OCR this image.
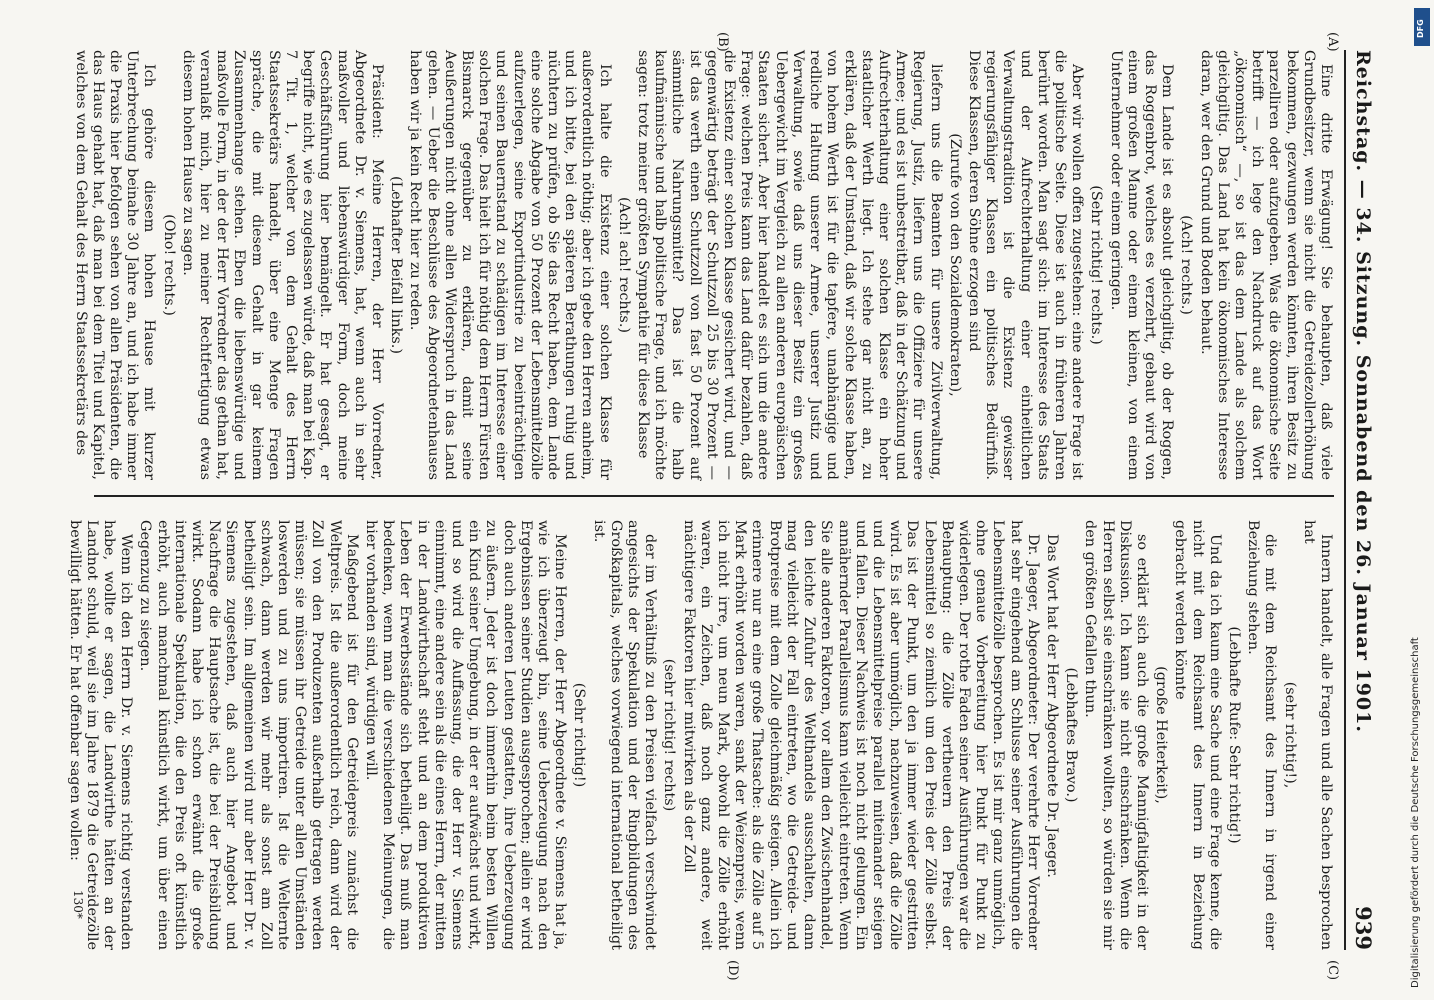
Reichstag. — 34. Sitzung. Sonnabend den 26. Januar 1901.
939
(A)
(B)
(C)
(D)

Eine dritte Erwägung! Sie behaupten, daß viele Grundbesitzer, wenn sie nicht die Getreidezollerhöhung bekommen, gezwungen werden könnten, ihren Besitz zu parzelliren oder aufzugeben. Was die ökonomische Seite betrifft — ich lege den Nachdruck auf das Wort „ökonomisch“ —, so ist das dem Lande als solchem gleichgiltig. Das Land hat kein ökonomisches Interesse daran, wer den Grund und Boden behaut.

(Ach! rechts.)

Dem Lande ist es absolut gleichgiltig, ob der Roggen, das Roggenbrot, welches es verzehrt, gebaut wird von einem großen Manne oder einem kleinen, von einem Unternehmer oder einem geringen.

(Sehr richtig! rechts.)

Aber wir wollen offen zugestehen: eine andere Frage ist die politische Seite. Diese ist auch in früheren Jahren berührt worden. Man sagt sich: im Interesse des Staats und der Aufrechterhaltung einer einheitlichen Verwaltungstradition ist die Existenz gewisser regierungsfähiger Klassen ein politisches Bedürfniß. Diese Klassen, deren Söhne erzogen sind

(Zurufe von den Sozialdemokraten),

liefern uns die Beamten für unsere Zivilverwaltung, Regierung, Justiz, liefern uns die Offiziere für unsere Armee; und es ist unbestreitbar, daß in der Schätzung und Aufrechterhaltung einer solchen Klasse ein hoher staatlicher Werth liegt. Ich stehe gar nicht an, zu erklären, daß der Umstand, daß wir solche Klasse haben, von hohem Werth ist für die tapfere, unabhängige und redliche Haltung unserer Armee, unserer Justiz und Verwaltung, sowie daß uns dieser Besitz ein großes Uebergewicht im Vergleich zu allen anderen europäischen Staaten sichert. Aber hier handelt es sich um die andere Frage: welchen Preis kann das Land dafür bezahlen, daß die Existenz einer solchen Klasse gesichert wird, und — gegenwärtig beträgt der Schutzzoll 25 bis 30 Prozent — ist das werth einen Schutzzoll von fast 50 Prozent auf sämmtliche Nahrungsmittel? Das ist die halb kaufmännische und halb politische Frage, und ich möchte sagen: trotz meiner größten Sympathie für diese Klasse

(Ach! ach! rechts.)

Ich halte die Existenz einer solchen Klasse für außerordentlich nöthig; aber ich gebe den Herren anheim, und ich bitte, bei den späteren Berathungen ruhig und nüchtern zu prüfen, ob Sie das Recht haben, dem Lande eine solche Abgabe von 50 Prozent der Lebensmittelzölle aufzuerlegen, seine Exportindustrie zu beeinträchtigen und seinen Bauernstand zu schädigen im Interesse einer solchen Frage. Das hielt ich für nöthig dem Herrn Fürsten Bismarck gegenüber zu erklären, damit seine Aeußerungen nicht ohne allen Widerspruch in das Land gehen. — Ueber die Beschlüsse des Abgeordnetenhauses haben wir ja kein Recht hier zu reden.

(Lebhafter Beifall links.)

Präsident: Meine Herren, der Herr Vorredner, Abgeordnete Dr. v. Siemens, hat, wenn auch in sehr maßvoller und liebenswürdiger Form, doch meine Geschäftsführung hier bemängelt. Er hat gesagt, er begriffe nicht, wie es zugelassen würde, daß man bei Kap. 7 Tit. 1, welcher von dem Gehalt des Herrn Staatssekretärs handelt, über eine Menge Fragen spräche, die mit diesem Gehalt in gar keinem Zusammenhange stehen. Eben die liebenswürdige und maßvolle Form, in der der Herr Vorredner das gethan hat, veranlaßt mich, hier zu meiner Rechtfertigung etwas diesem hohen Hause zu sagen.

(Oho! rechts.)

Ich gehöre diesem hohen Hause mit kurzer Unterbrechung beinahe 30 Jahre an, und ich habe immer die Praxis hier befolgen sehen von allen Präsidenten, die das Haus gehabt hat, daß man bei dem Titel und Kapitel, welches von dem Gehalt des Herrn Staatssekretärs des

Innern handelt, alle Fragen und alle Sachen besprochen hat

(sehr richtig!),

die mit dem Reichsamt des Innern in irgend einer Beziehung stehen.

(Lebhafte Rufe: Sehr richtig!)

Und da ich kaum eine Sache und eine Frage kenne, die nicht mit dem Reichsamt des Innern in Beziehung gebracht werden könnte

(große Heiterkeit),

so erklärt sich auch die große Mannigfaltigkeit in der Diskussion. Ich kann sie nicht einschränken. Wenn die Herren selbst sie einschränken wollten, so würden sie mir den größten Gefallen thun.

(Lebhaftes Bravo.)

Das Wort hat der Herr Abgeordnete Dr. Jaeger.

Dr. Jaeger, Abgeordneter: Der verehrte Herr Vorredner hat sehr eingehend am Schlusse seiner Ausführungen die Lebensmittelzölle besprochen. Es ist mir ganz unmöglich, ohne genaue Vorbereitung hier Punkt für Punkt zu widerlegen. Der rothe Faden seiner Ausführungen war die Behauptung: die Zölle vertheuern den Preis der Lebensmittel so ziemlich um den Preis der Zölle selbst. Das ist der Punkt, um den ja immer wieder gestritten wird. Es ist aber unmöglich, nachzuweisen, daß die Zölle und die Lebensmittelpreise parallel miteinander steigen und fallen. Dieser Nachweis ist noch nicht gelungen. Ein annähernder Parallelismus kann vielleicht eintreten. Wenn Sie alle anderen Faktoren, vor allem den Zwischenhandel, den leichte Zufuhr des Welthandels ausschalten, dann mag vielleicht der Fall eintreten, wo die Getreide- und Brotpreise mit dem Zolle gleichmäßig steigen. Allein ich erinnere nur an eine große Thatsache: als die Zölle auf 5 Mark erhöht worden waren, sank der Weizenpreis, wenn ich nicht irre, um neun Mark, obwohl die Zölle erhöht waren, ein Zeichen, daß noch ganz andere, weit mächtigere Faktoren hier mitwirken als der Zoll

(sehr richtig! rechts)

der im Verhältniß zu den Preisen vielfach verschwindet angesichts der Spekulation und der Ringbildungen des Großkapitals, welches vorwiegend international betheiligt ist.

(Sehr richtig!)

Meine Herren, der Herr Abgeordnete v. Siemens hat ja, wie ich überzeugt bin, seine Ueberzeugung nach den Ergebnissen seiner Studien ausgesprochen; allein er wird doch auch anderen Leuten gestatten, ihre Ueberzeugung zu äußern. Jeder ist doch immerhin beim besten Willen ein Kind seiner Umgebung, in der er aufwächst und wirkt, und so wird die Auffassung, die der Herr v. Siemens einnimmt, eine andere sein als die eines Herrn, der mitten in der Landwirthschaft steht und an dem produktiven Leben der Erwerbsstände sich betheiligt. Das muß man bedenken, wenn man die verschiedenen Meinungen, die hier vorhanden sind, würdigen will.

Maßgebend ist für den Getreidepreis zunächst die Weltpreis. Ist die außerordentlich reich, dann wird der Zoll von den Produzenten außerhalb getragen werden müssen; sie müssen ihr Getreide unter allen Umständen loswerden und zu uns importiren. Ist die Welternte schwach, dann werden wir mehr als sonst am Zoll betheiligt sein. Im allgemeinen wird nur aber Herr Dr. v. Siemens zugestehen, daß auch hier Angebot und Nachfrage die Hauptsache ist, die bei der Preisbildung wirkt. Sodann habe ich schon erwähnt die große internationale Spekulation, die den Preis oft künstlich erhöht, auch manchmal künstlich wirkt, um über einen Gegenzug zu siegen.

Wenn ich den Herrn Dr. v. Siemens richtig verstanden habe, wollte er sagen, die Landwirthe hätten an der Landnot schuld, weil sie im Jahre 1879 die Getreidezölle bewilligt hätten. Er hat offenbar sagen wollen:

130*	Digitalisierung gefördert durch die Deutsche Forschungsgemeinschaft
DFG
